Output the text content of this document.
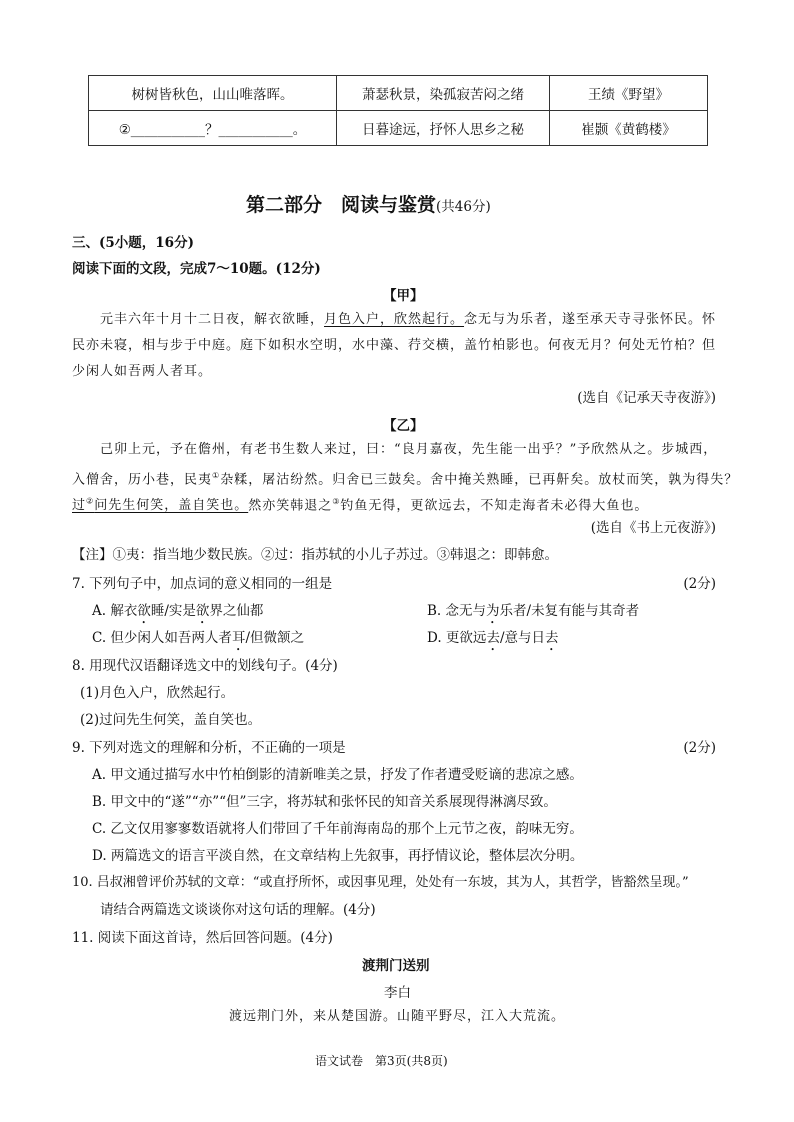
树树皆秋色，山山唯落晖。	萧瑟秋景，染孤寂苦闷之绪	王绩《野望》
②___________？___________。	日暮途远，抒怀人思乡之秘	崔颢《黄鹤楼》
第二部分　阅读与鉴赏(共46分)
三、(5小题，16分)
阅读下面的文段，完成7～10题。(12分)
【甲】
元丰六年十月十二日夜，解衣欲睡，月色入户，欣然起行。念无与为乐者，遂至承天寺寻张怀民。怀
民亦未寝，相与步于中庭。庭下如积水空明，水中藻、荇交横，盖竹柏影也。何夜无月？何处无竹柏？但
少闲人如吾两人者耳。
(选自《记承天寺夜游》)
【乙】
己卯上元，予在儋州，有老书生数人来过，曰：“良月嘉夜，先生能一出乎？”予欣然从之。步城西，
入僧舍，历小巷，民夷①杂糅，屠沽纷然。归舍已三鼓矣。舍中掩关熟睡，已再鼾矣。放杖而笑，孰为得失？
过②问先生何笑，盖自笑也。然亦笑韩退之③钓鱼无得，更欲远去，不知走海者未必得大鱼也。
(选自《书上元夜游》)
【注】①夷：指当地少数民族。②过：指苏轼的小儿子苏过。③韩退之：即韩愈。
7. 下列句子中，加点词的意义相同的一组是	(2分)
A. 解衣欲睡/实是欲界之仙都	B. 念无与为乐者/未复有能与其奇者
C. 但少闲人如吾两人者耳/但微颔之	D. 更欲远去/意与日去
8. 用现代汉语翻译选文中的划线句子。(4分)
(1)月色入户，欣然起行。
(2)过问先生何笑，盖自笑也。
9. 下列对选文的理解和分析，不正确的一项是	(2分)
A. 甲文通过描写水中竹柏倒影的清新唯美之景，抒发了作者遭受贬谪的悲凉之感。
B. 甲文中的“遂”“亦”“但”三字，将苏轼和张怀民的知音关系展现得淋漓尽致。
C. 乙文仅用寥寥数语就将人们带回了千年前海南岛的那个上元节之夜，韵味无穷。
D. 两篇选文的语言平淡自然，在文章结构上先叙事，再抒情议论，整体层次分明。
10. 吕叔湘曾评价苏轼的文章：“或直抒所怀，或因事见理，处处有一东坡，其为人，其哲学，皆豁然呈现。”
请结合两篇选文谈谈你对这句话的理解。(4分)
11. 阅读下面这首诗，然后回答问题。(4分)
渡荆门送别
李白
渡远荆门外，来从楚国游。山随平野尽，江入大荒流。
语文试卷　第3页(共8页)
